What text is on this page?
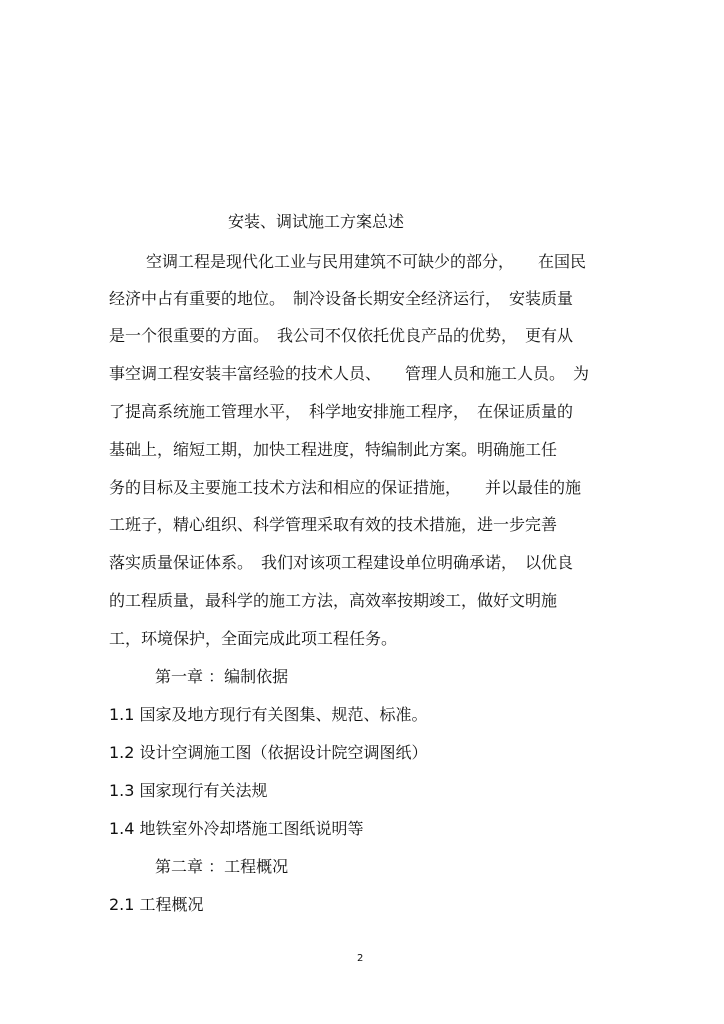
安装、调试施工方案总述

空调工程是现代化工业与民用建筑不可缺少的部分，　　在国民

经济中占有重要的地位。　制冷设备长期安全经济运行，　安装质量

是一个很重要的方面。　我公司不仅依托优良产品的优势，　更有从

事空调工程安装丰富经验的技术人员、　　管理人员和施工人员。　为

了提高系统施工管理水平，　科学地安排施工程序，　在保证质量的

基础上，缩短工期，加快工程进度，特编制此方案。明确施工任

务的目标及主要施工技术方法和相应的保证措施，　　并以最佳的施

工班子，精心组织、科学管理采取有效的技术措施，进一步完善

落实质量保证体系。　我们对该项工程建设单位明确承诺，　以优良

的工程质量，最科学的施工方法，高效率按期竣工，做好文明施

工，环境保护，全面完成此项工程任务。

第一章 ：编制依据

1.1 国家及地方现行有关图集、规范、标准。

1.2 设计空调施工图（依据设计院空调图纸）

1.3 国家现行有关法规

1.4 地铁室外冷却塔施工图纸说明等

第二章 ：工程概况

2.1 工程概况

2
